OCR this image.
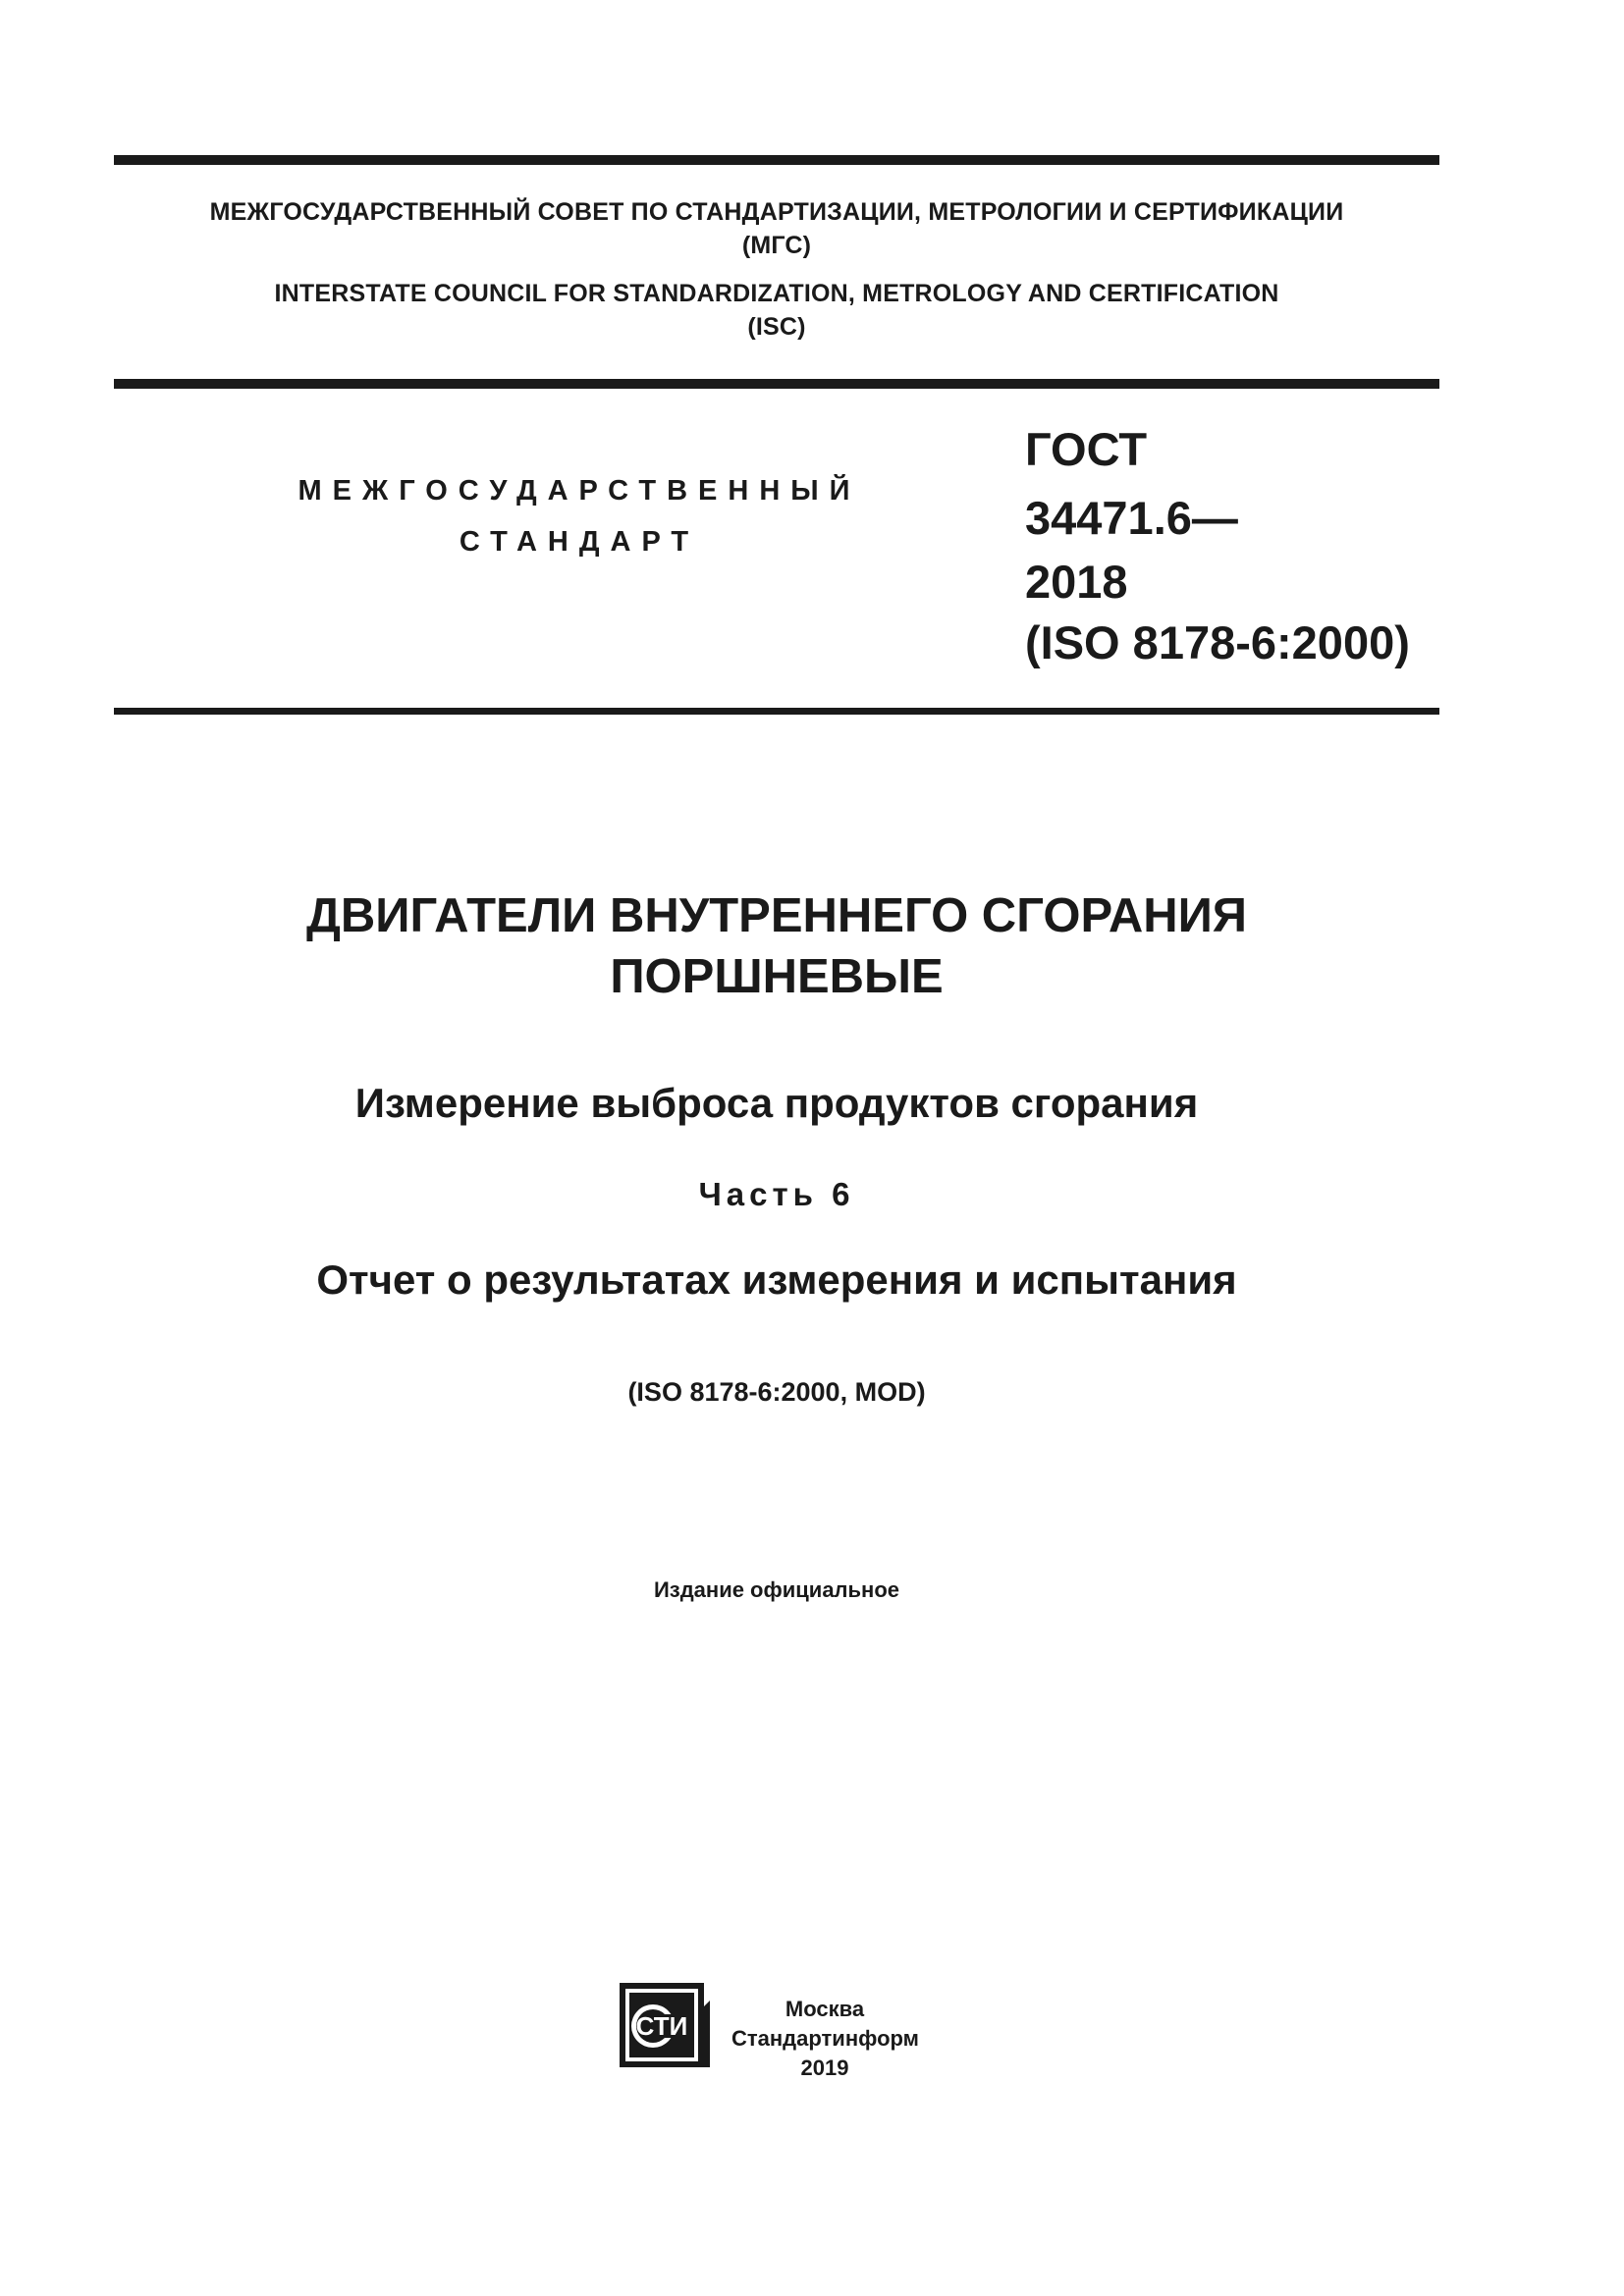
МЕЖГОСУДАРСТВЕННЫЙ СОВЕТ ПО СТАНДАРТИЗАЦИИ, МЕТРОЛОГИИ И СЕРТИФИКАЦИИ
(МГС)
INTERSTATE COUNCIL FOR STANDARDIZATION, METROLOGY AND CERTIFICATION
(ISC)
МЕЖГОСУДАРСТВЕННЫЙ
СТАНДАРТ
ГОСТ
34471.6—
2018
(ISO 8178-6:2000)
ДВИГАТЕЛИ ВНУТРЕННЕГО СГОРАНИЯ
ПОРШНЕВЫЕ
Измерение выброса продуктов сгорания
Часть 6
Отчет о результатах измерения и испытания
(ISO 8178-6:2000, MOD)
Издание официальное
СТИ
Москва
Стандартинформ
2019
